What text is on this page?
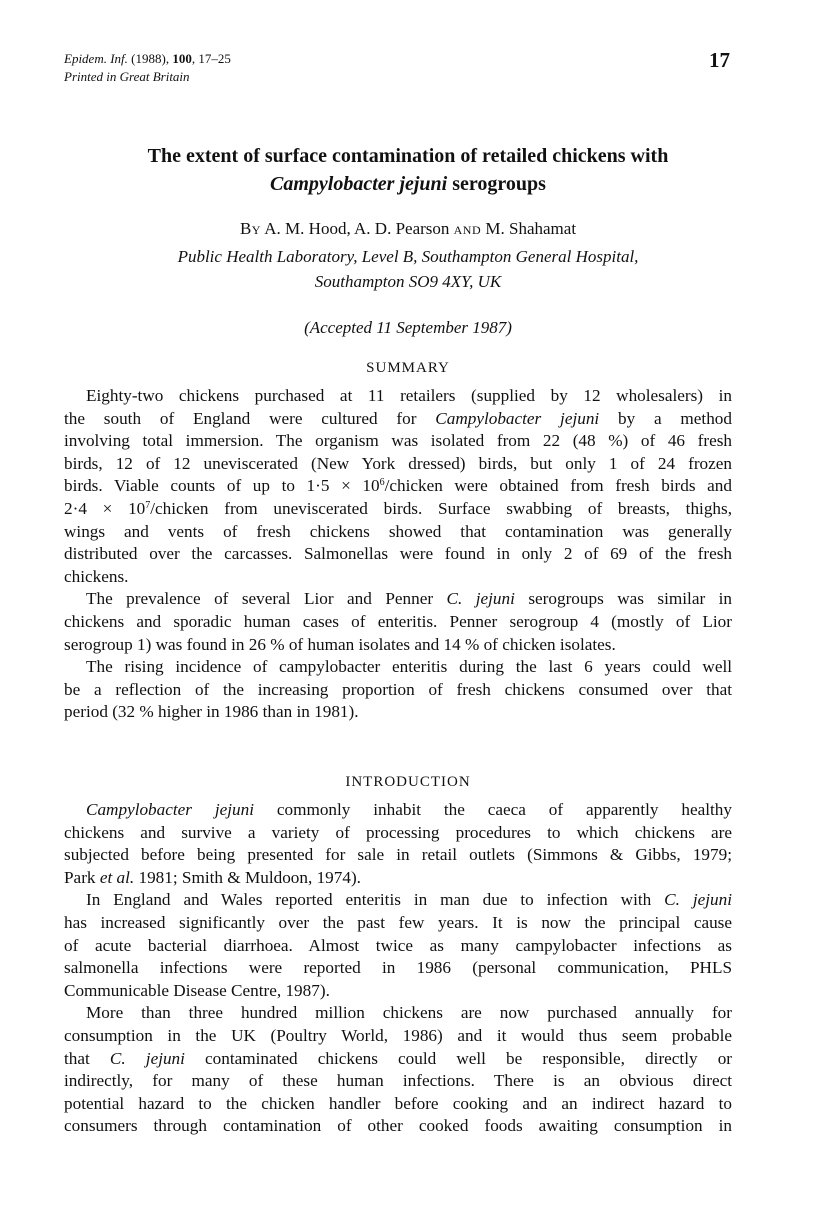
Epidem. Inf. (1988), 100, 17–25
Printed in Great Britain
17
The extent of surface contamination of retailed chickens with
Campylobacter jejuni serogroups
By A. M. Hood, A. D. Pearson and M. Shahamat
Public Health Laboratory, Level B, Southampton General Hospital,
Southampton SO9 4XY, UK
(Accepted 11 September 1987)
SUMMARY
Eighty-two chickens purchased at 11 retailers (supplied by 12 wholesalers) in
the south of England were cultured for Campylobacter jejuni by a method
involving total immersion. The organism was isolated from 22 (48 %) of 46 fresh
birds, 12 of 12 uneviscerated (New York dressed) birds, but only 1 of 24 frozen
birds. Viable counts of up to $1\cdot 5 \times 10^6$/chicken were obtained from fresh birds and
$2\cdot 4 \times 10^7$/chicken from uneviscerated birds. Surface swabbing of breasts, thighs,
wings and vents of fresh chickens showed that contamination was generally
distributed over the carcasses. Salmonellas were found in only 2 of 69 of the fresh
chickens.
The prevalence of several Lior and Penner C. jejuni serogroups was similar in
chickens and sporadic human cases of enteritis. Penner serogroup 4 (mostly of Lior
serogroup 1) was found in 26 % of human isolates and 14 % of chicken isolates.
The rising incidence of campylobacter enteritis during the last 6 years could well
be a reflection of the increasing proportion of fresh chickens consumed over that
period (32 % higher in 1986 than in 1981).
INTRODUCTION
Campylobacter jejuni commonly inhabit the caeca of apparently healthy
chickens and survive a variety of processing procedures to which chickens are
subjected before being presented for sale in retail outlets (Simmons & Gibbs, 1979;
Park et al. 1981; Smith & Muldoon, 1974).
In England and Wales reported enteritis in man due to infection with C. jejuni
has increased significantly over the past few years. It is now the principal cause
of acute bacterial diarrhoea. Almost twice as many campylobacter infections as
salmonella infections were reported in 1986 (personal communication, PHLS
Communicable Disease Centre, 1987).
More than three hundred million chickens are now purchased annually for
consumption in the UK (Poultry World, 1986) and it would thus seem probable
that C. jejuni contaminated chickens could well be responsible, directly or
indirectly, for many of these human infections. There is an obvious direct
potential hazard to the chicken handler before cooking and an indirect hazard to
consumers through contamination of other cooked foods awaiting consumption in
